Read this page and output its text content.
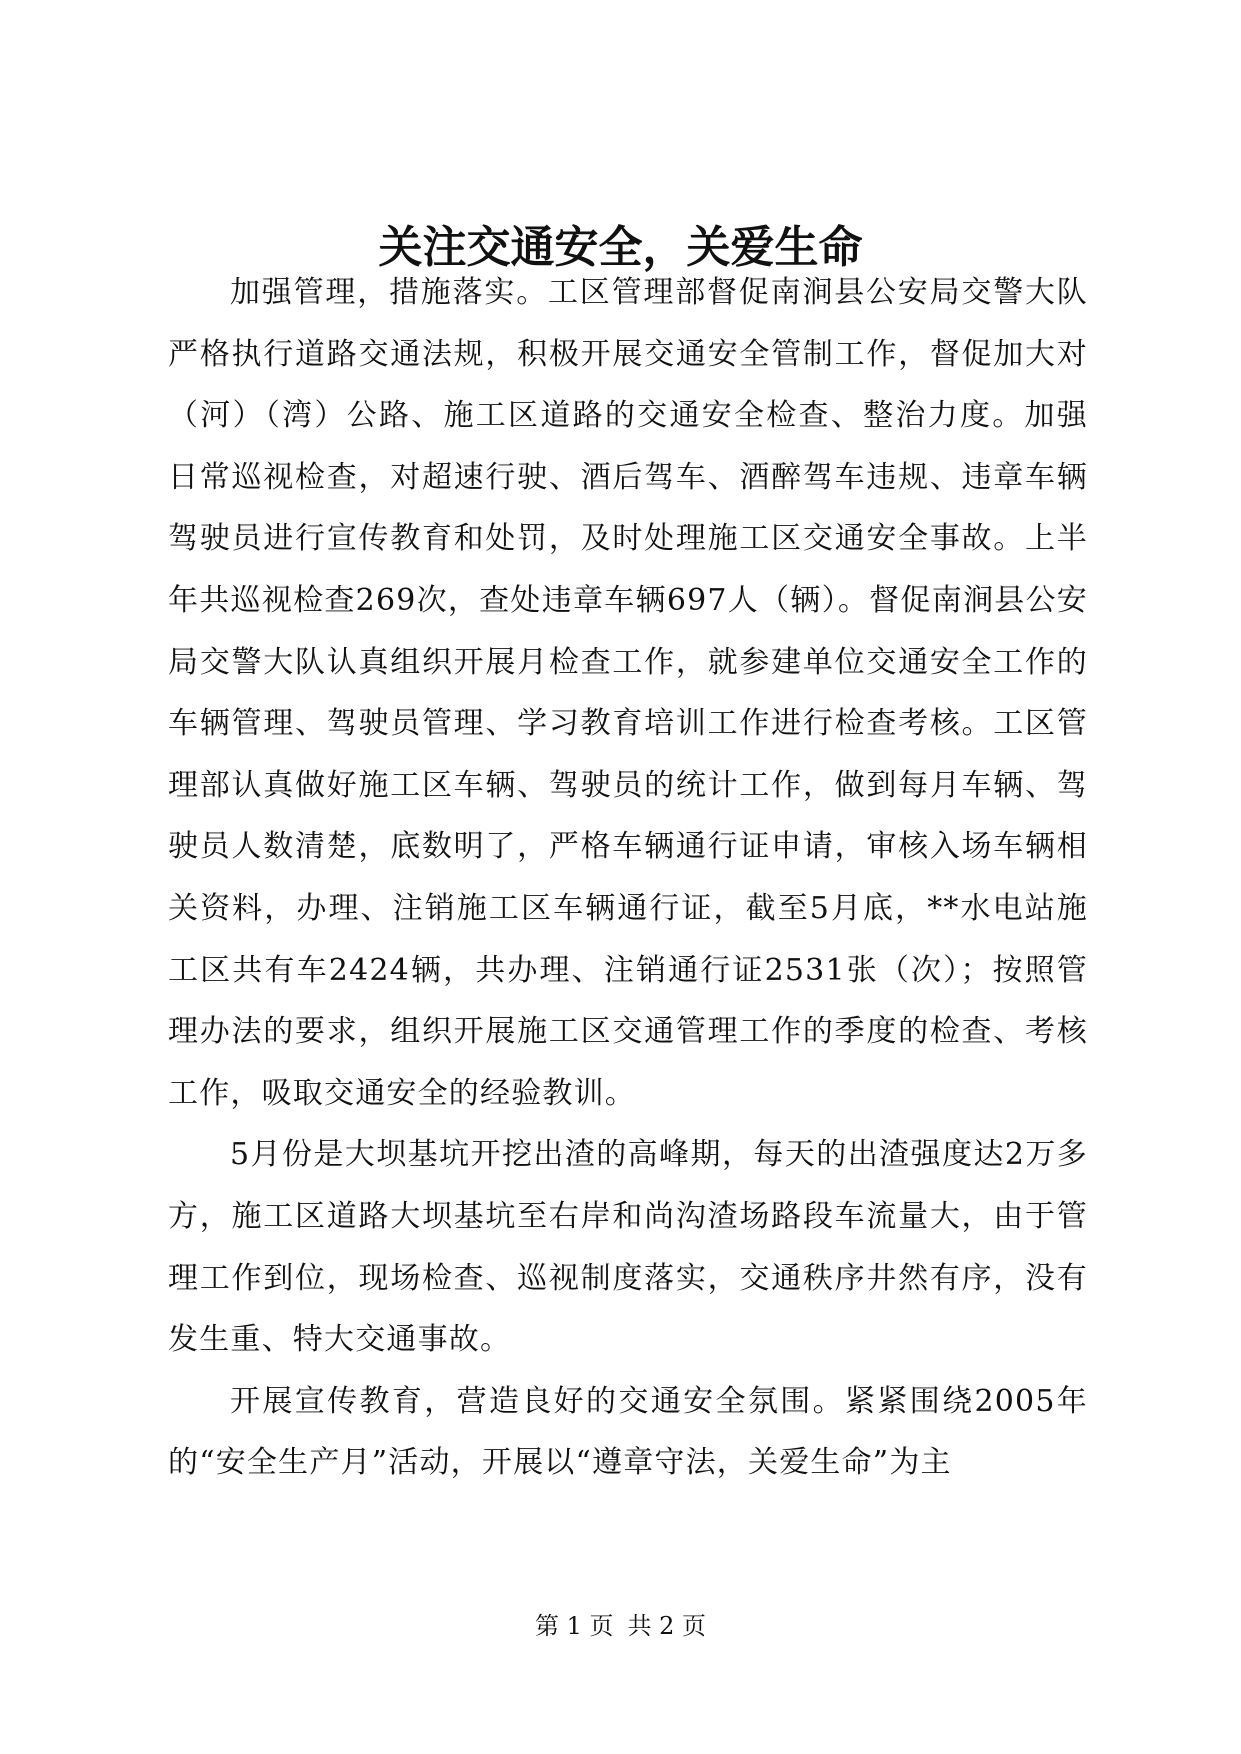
关注交通安全，关爱生命

加强管理，措施落实。工区管理部督促南涧县公安局交警大队严格执行道路交通法规，积极开展交通安全管制工作，督促加大对（河）（湾）公路、施工区道路的交通安全检查、整治力度。加强日常巡视检查，对超速行驶、酒后驾车、酒醉驾车违规、违章车辆驾驶员进行宣传教育和处罚，及时处理施工区交通安全事故。上半年共巡视检查269次，查处违章车辆697人（辆）。督促南涧县公安局交警大队认真组织开展月检查工作，就参建单位交通安全工作的车辆管理、驾驶员管理、学习教育培训工作进行检查考核。工区管理部认真做好施工区车辆、驾驶员的统计工作，做到每月车辆、驾驶员人数清楚，底数明了，严格车辆通行证申请，审核入场车辆相关资料，办理、注销施工区车辆通行证，截至5月底，**水电站施工区共有车2424辆，共办理、注销通行证2531张（次）；按照管理办法的要求，组织开展施工区交通管理工作的季度的检查、考核工作，吸取交通安全的经验教训。

5月份是大坝基坑开挖出渣的高峰期，每天的出渣强度达2万多方，施工区道路大坝基坑至右岸和尚沟渣场路段车流量大，由于管理工作到位，现场检查、巡视制度落实，交通秩序井然有序，没有发生重、特大交通事故。

开展宣传教育，营造良好的交通安全氛围。紧紧围绕2005年的“安全生产月”活动，开展以“遵章守法，关爱生命”为主

第 1 页 共 2 页
